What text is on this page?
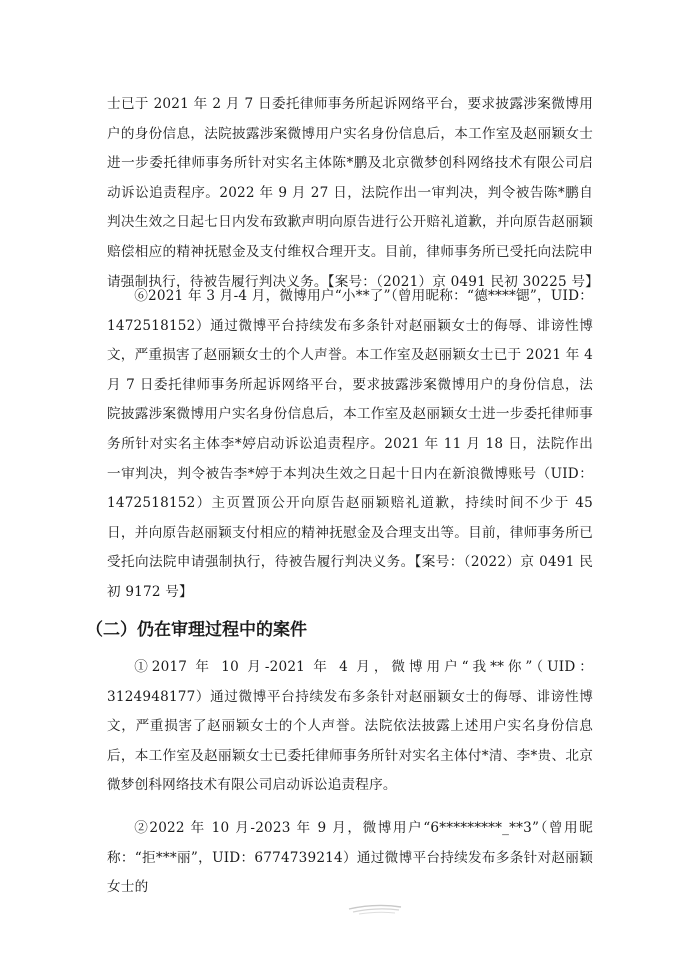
士已于 2021 年 2 月 7 日委托律师事务所起诉网络平台，要求披露涉案微博用户的身份信息，法院披露涉案微博用户实名身份信息后，本工作室及赵丽颖女士进一步委托律师事务所针对实名主体陈*鹏及北京微梦创科网络技术有限公司启动诉讼追责程序。2022 年 9 月 27 日，法院作出一审判决，判令被告陈*鹏自判决生效之日起七日内发布致歉声明向原告进行公开赔礼道歉，并向原告赵丽颖赔偿相应的精神抚慰金及支付维权合理开支。目前，律师事务所已受托向法院申请强制执行，待被告履行判决义务。【案号：（2021）京 0491 民初 30225 号】

⑥2021 年 3 月-4 月，微博用户“小**了”（曾用昵称：“德****锶”，UID：1472518152）通过微博平台持续发布多条针对赵丽颖女士的侮辱、诽谤性博文，严重损害了赵丽颖女士的个人声誉。本工作室及赵丽颖女士已于 2021 年 4 月 7 日委托律师事务所起诉网络平台，要求披露涉案微博用户的身份信息，法院披露涉案微博用户实名身份信息后，本工作室及赵丽颖女士进一步委托律师事务所针对实名主体李*婷启动诉讼追责程序。2021 年 11 月 18 日，法院作出一审判决，判令被告李*婷于本判决生效之日起十日内在新浪微博账号（UID：1472518152）主页置顶公开向原告赵丽颖赔礼道歉，持续时间不少于 45 日，并向原告赵丽颖支付相应的精神抚慰金及合理支出等。目前，律师事务所已受托向法院申请强制执行，待被告履行判决义务。【案号：（2022）京 0491 民初 9172 号】

（二）仍在审理过程中的案件

①2017 年 10 月-2021 年 4 月，微博用户“我**你”（UID：3124948177）通过微博平台持续发布多条针对赵丽颖女士的侮辱、诽谤性博文，严重损害了赵丽颖女士的个人声誉。法院依法披露上述用户实名身份信息后，本工作室及赵丽颖女士已委托律师事务所针对实名主体付*清、李*贵、北京微梦创科网络技术有限公司启动诉讼追责程序。

②2022 年 10 月-2023 年 9 月，微博用户“6*********_**3”（曾用昵称：“拒***丽”，UID：6774739214）通过微博平台持续发布多条针对赵丽颖女士的
